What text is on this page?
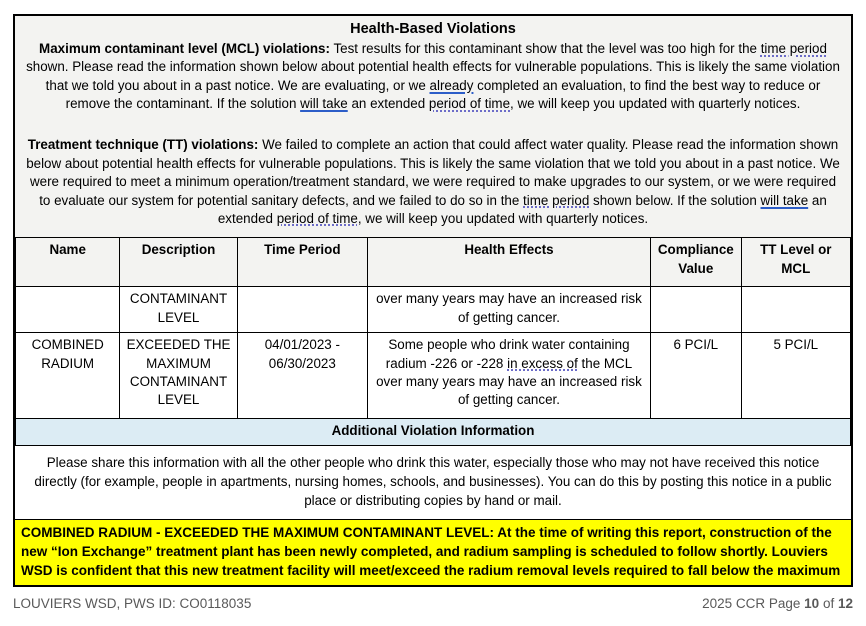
Health-Based Violations

Maximum contaminant level (MCL) violations: Test results for this contaminant show that the level was too high for the time period shown. Please read the information shown below about potential health effects for vulnerable populations. This is likely the same violation that we told you about in a past notice. We are evaluating, or we already completed an evaluation, to find the best way to reduce or remove the contaminant. If the solution will take an extended period of time, we will keep you updated with quarterly notices.

Treatment technique (TT) violations: We failed to complete an action that could affect water quality. Please read the information shown below about potential health effects for vulnerable populations. This is likely the same violation that we told you about in a past notice. We were required to meet a minimum operation/treatment standard, we were required to make upgrades to our system, or we were required to evaluate our system for potential sanitary defects, and we failed to do so in the time period shown below. If the solution will take an extended period of time, we will keep you updated with quarterly notices.

Name	Description	Time Period	Health Effects	Compliance Value	TT Level or MCL
	CONTAMINANT LEVEL		over many years may have an increased risk of getting cancer.		
COMBINED RADIUM	EXCEEDED THE MAXIMUM CONTAMINANT LEVEL	04/01/2023 - 06/30/2023	Some people who drink water containing radium -226 or -228 in excess of the MCL over many years may have an increased risk of getting cancer.	6 PCI/L	5 PCI/L
Additional Violation Information					
Please share this information with all the other people who drink this water, especially those who may not have received this notice directly (for example, people in apartments, nursing homes, schools, and businesses). You can do this by posting this notice in a public place or distributing copies by hand or mail.
COMBINED RADIUM - EXCEEDED THE MAXIMUM CONTAMINANT LEVEL: At the time of writing this report, construction of the new “Ion Exchange” treatment plant has been newly completed, and radium sampling is scheduled to follow shortly. Louviers WSD is confident that this new treatment facility will meet/exceed the radium removal levels required to fall below the maximum
LOUVIERS WSD, PWS ID: CO0118035	2025 CCR Page 10 of 12
